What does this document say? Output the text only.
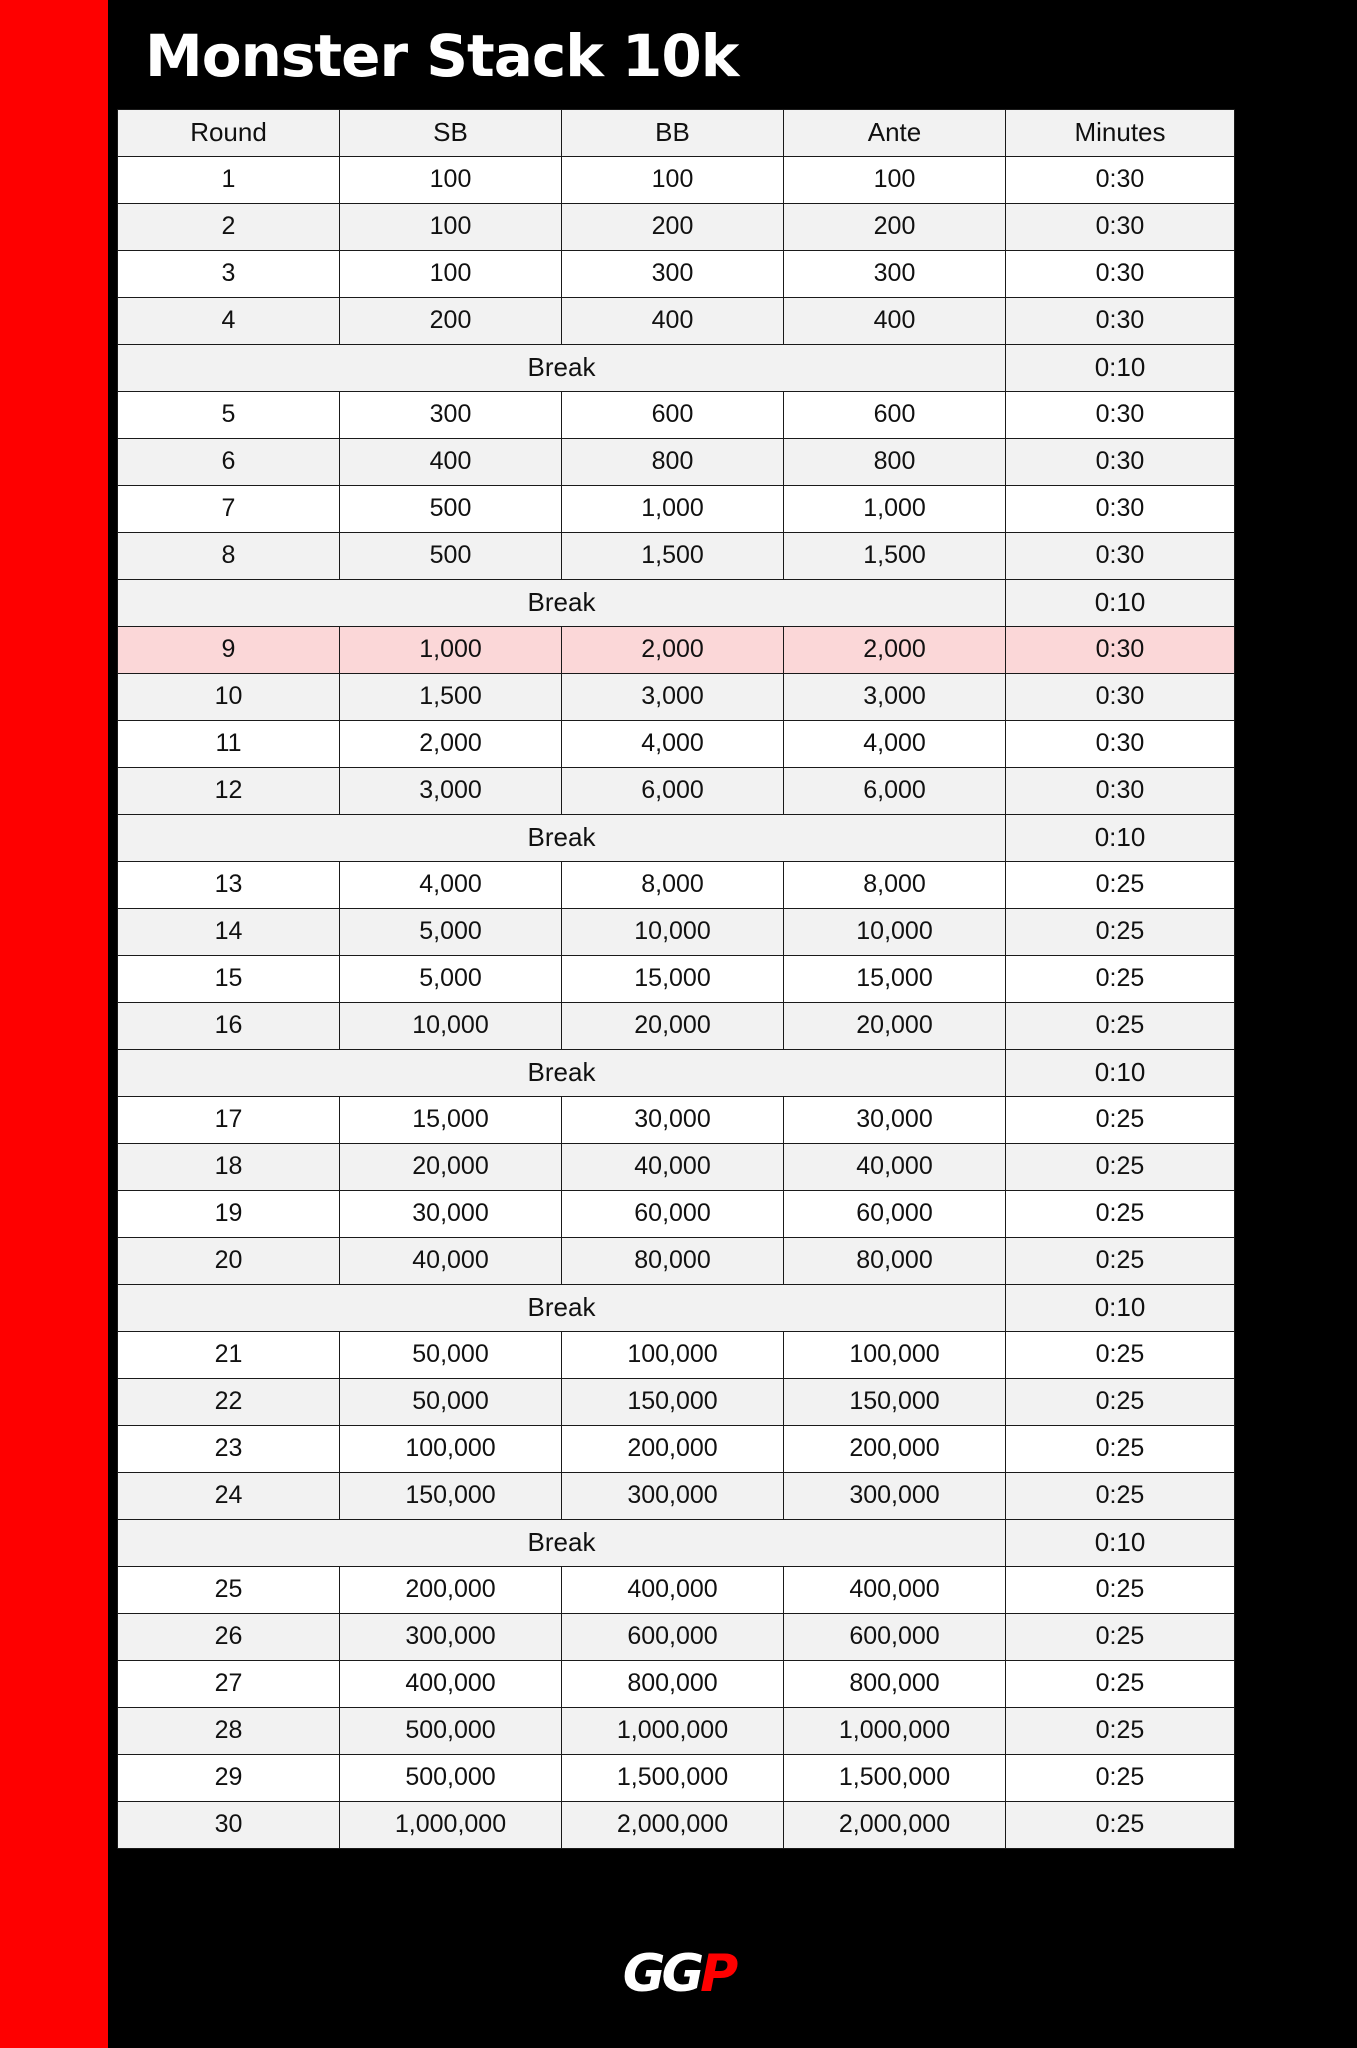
Monster Stack 10k
Round	SB	BB	Ante	Minutes
1	100	100	100	0:30
2	100	200	200	0:30
3	100	300	300	0:30
4	200	400	400	0:30
Break				0:10
5	300	600	600	0:30
6	400	800	800	0:30
7	500	1,000	1,000	0:30
8	500	1,500	1,500	0:30
Break				0:10
9	1,000	2,000	2,000	0:30
10	1,500	3,000	3,000	0:30
11	2,000	4,000	4,000	0:30
12	3,000	6,000	6,000	0:30
Break				0:10
13	4,000	8,000	8,000	0:25
14	5,000	10,000	10,000	0:25
15	5,000	15,000	15,000	0:25
16	10,000	20,000	20,000	0:25
Break				0:10
17	15,000	30,000	30,000	0:25
18	20,000	40,000	40,000	0:25
19	30,000	60,000	60,000	0:25
20	40,000	80,000	80,000	0:25
Break				0:10
21	50,000	100,000	100,000	0:25
22	50,000	150,000	150,000	0:25
23	100,000	200,000	200,000	0:25
24	150,000	300,000	300,000	0:25
Break				0:10
25	200,000	400,000	400,000	0:25
26	300,000	600,000	600,000	0:25
27	400,000	800,000	800,000	0:25
28	500,000	1,000,000	1,000,000	0:25
29	500,000	1,500,000	1,500,000	0:25
30	1,000,000	2,000,000	2,000,000	0:25
GGP
